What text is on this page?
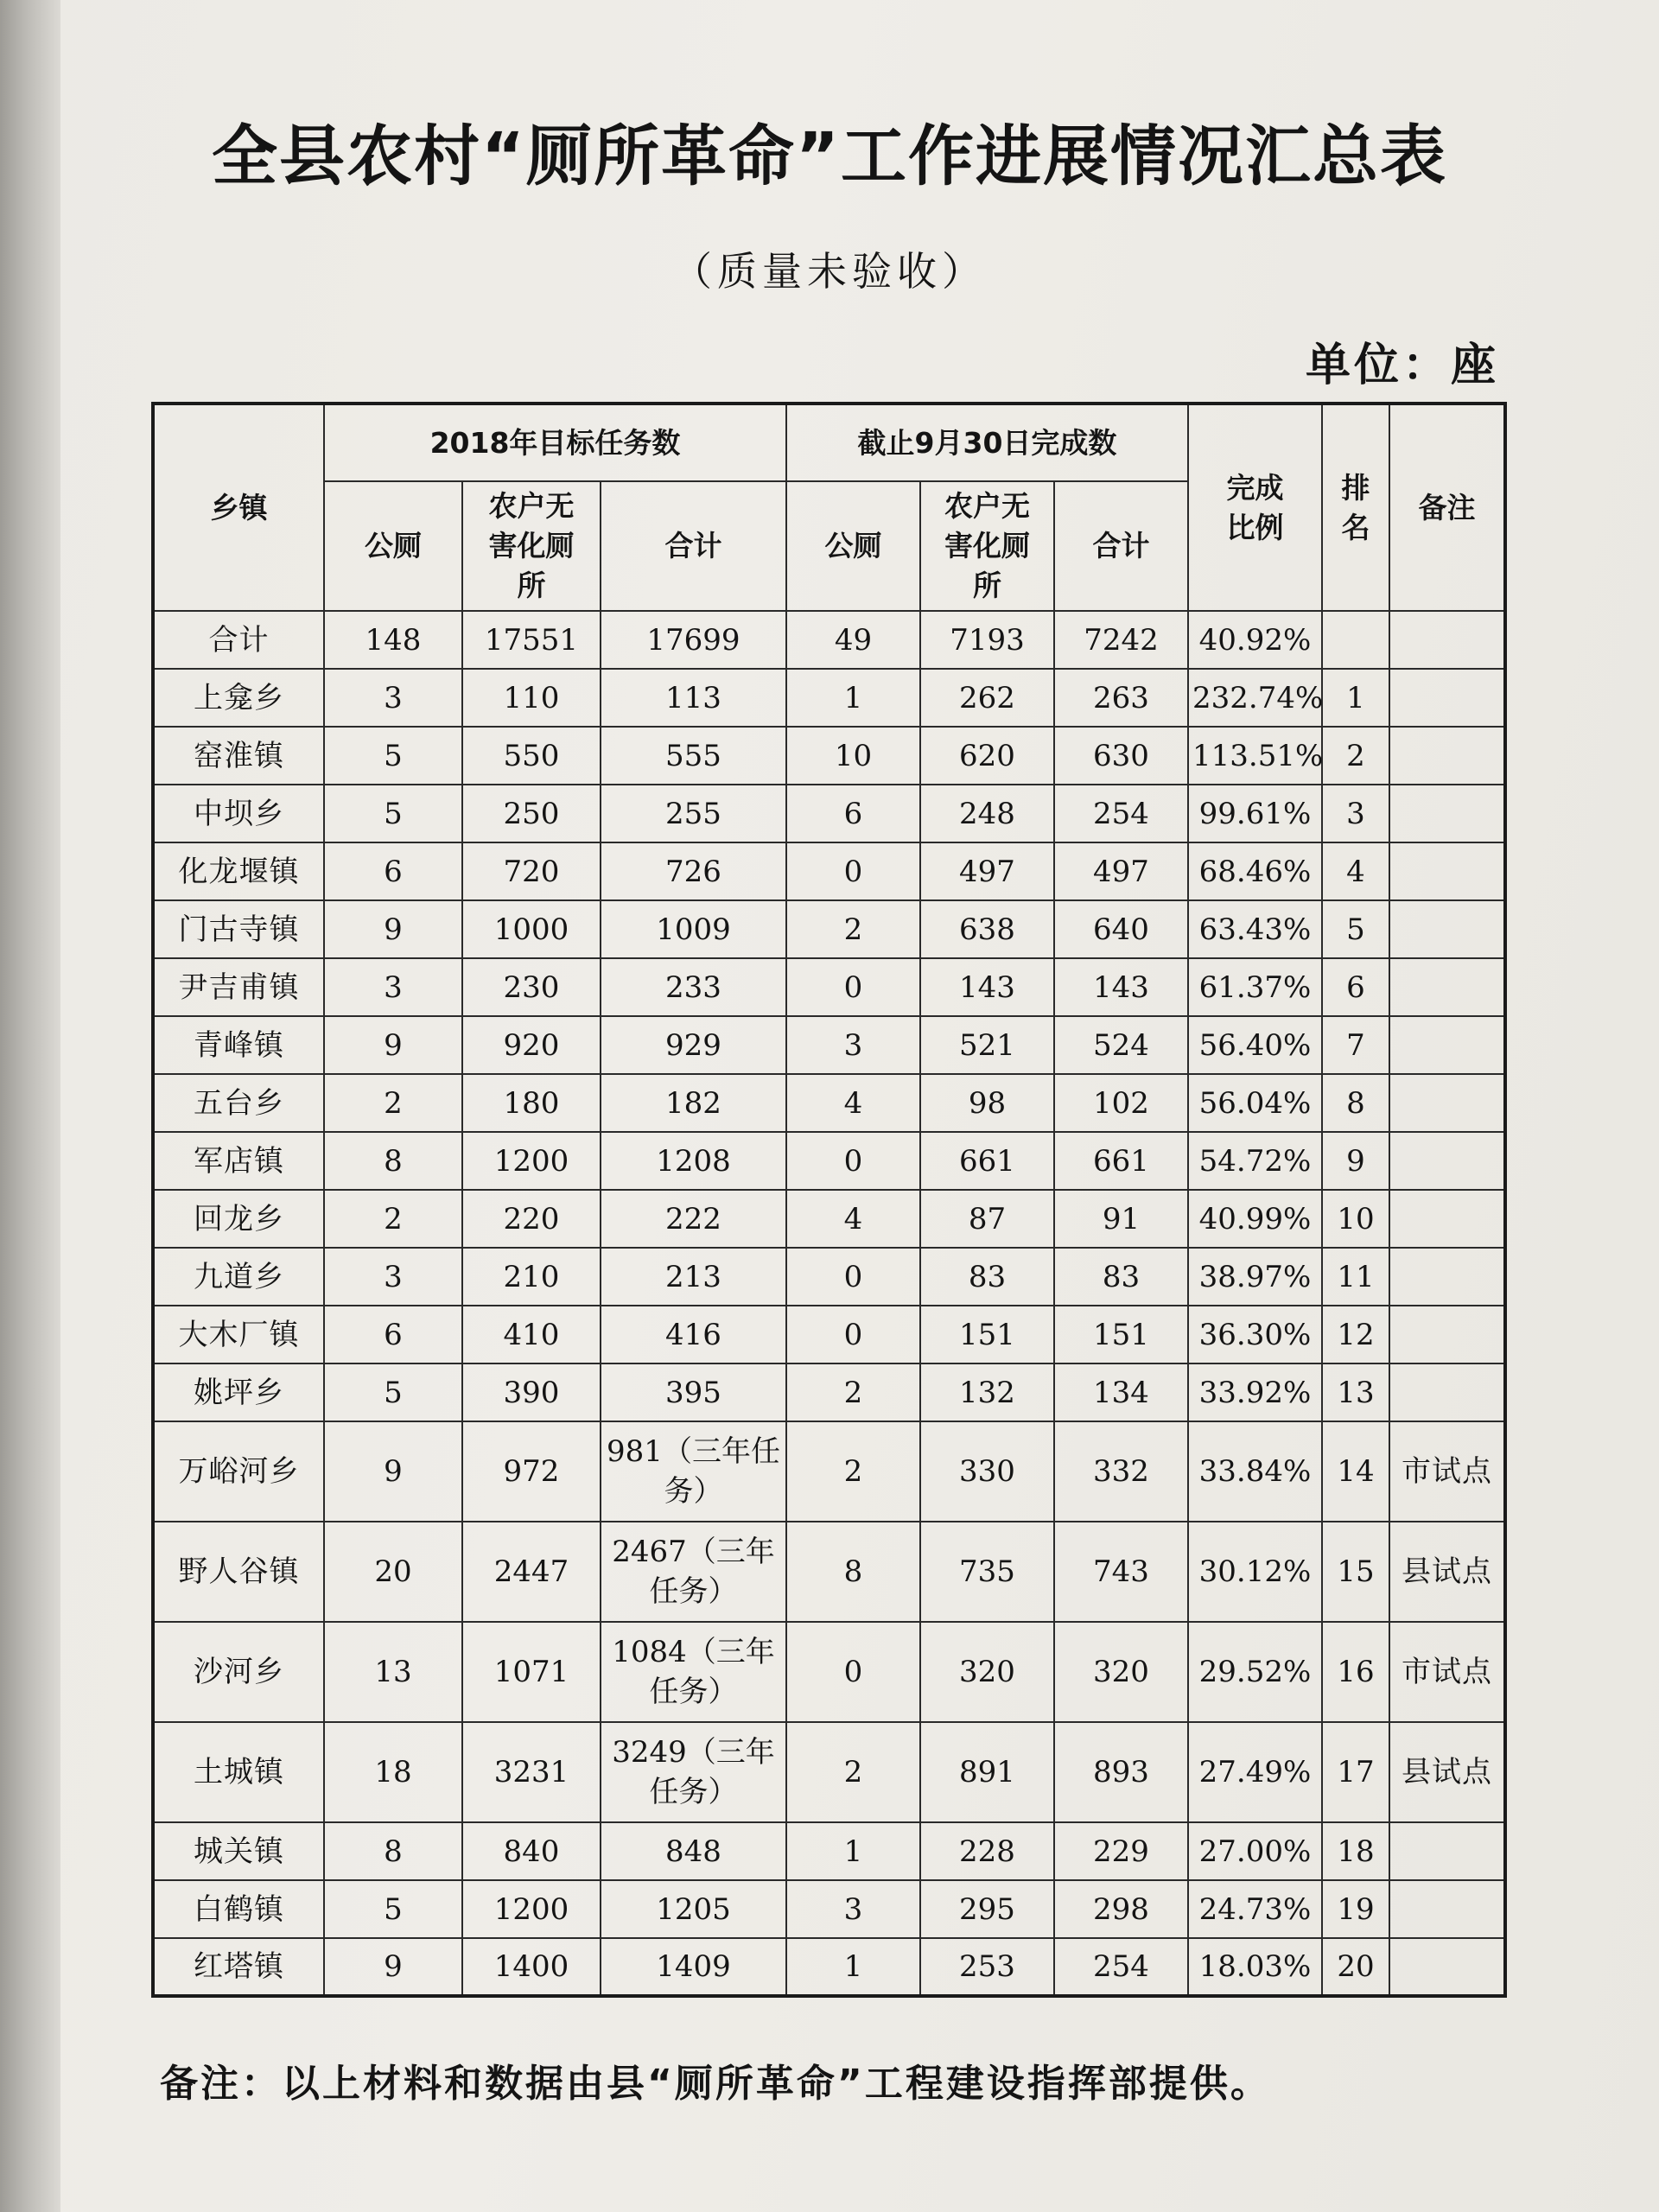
全县农村“厕所革命”工作进展情况汇总表
（质量未验收）
单位：座
乡镇	2018年目标任务数			截止9月30日完成数			完成比例	排名	备注
	公厕	农户无害化厕所	合计	公厕	农户无害化厕所	合计			
合计	148	17551	17699	49	7193	7242	40.92%		
上龛乡	3	110	113	1	262	263	232.74%	1	
窑淮镇	5	550	555	10	620	630	113.51%	2	
中坝乡	5	250	255	6	248	254	99.61%	3	
化龙堰镇	6	720	726	0	497	497	68.46%	4	
门古寺镇	9	1000	1009	2	638	640	63.43%	5	
尹吉甫镇	3	230	233	0	143	143	61.37%	6	
青峰镇	9	920	929	3	521	524	56.40%	7	
五台乡	2	180	182	4	98	102	56.04%	8	
军店镇	8	1200	1208	0	661	661	54.72%	9	
回龙乡	2	220	222	4	87	91	40.99%	10	
九道乡	3	210	213	0	83	83	38.97%	11	
大木厂镇	6	410	416	0	151	151	36.30%	12	
姚坪乡	5	390	395	2	132	134	33.92%	13	
万峪河乡	9	972	981（三年任务）	2	330	332	33.84%	14	市试点
野人谷镇	20	2447	2467（三年任务）	8	735	743	30.12%	15	县试点
沙河乡	13	1071	1084（三年任务）	0	320	320	29.52%	16	市试点
土城镇	18	3231	3249（三年任务）	2	891	893	27.49%	17	县试点
城关镇	8	840	848	1	228	229	27.00%	18	
白鹤镇	5	1200	1205	3	295	298	24.73%	19	
红塔镇	9	1400	1409	1	253	254	18.03%	20	
备注：以上材料和数据由县“厕所革命”工程建设指挥部提供。
